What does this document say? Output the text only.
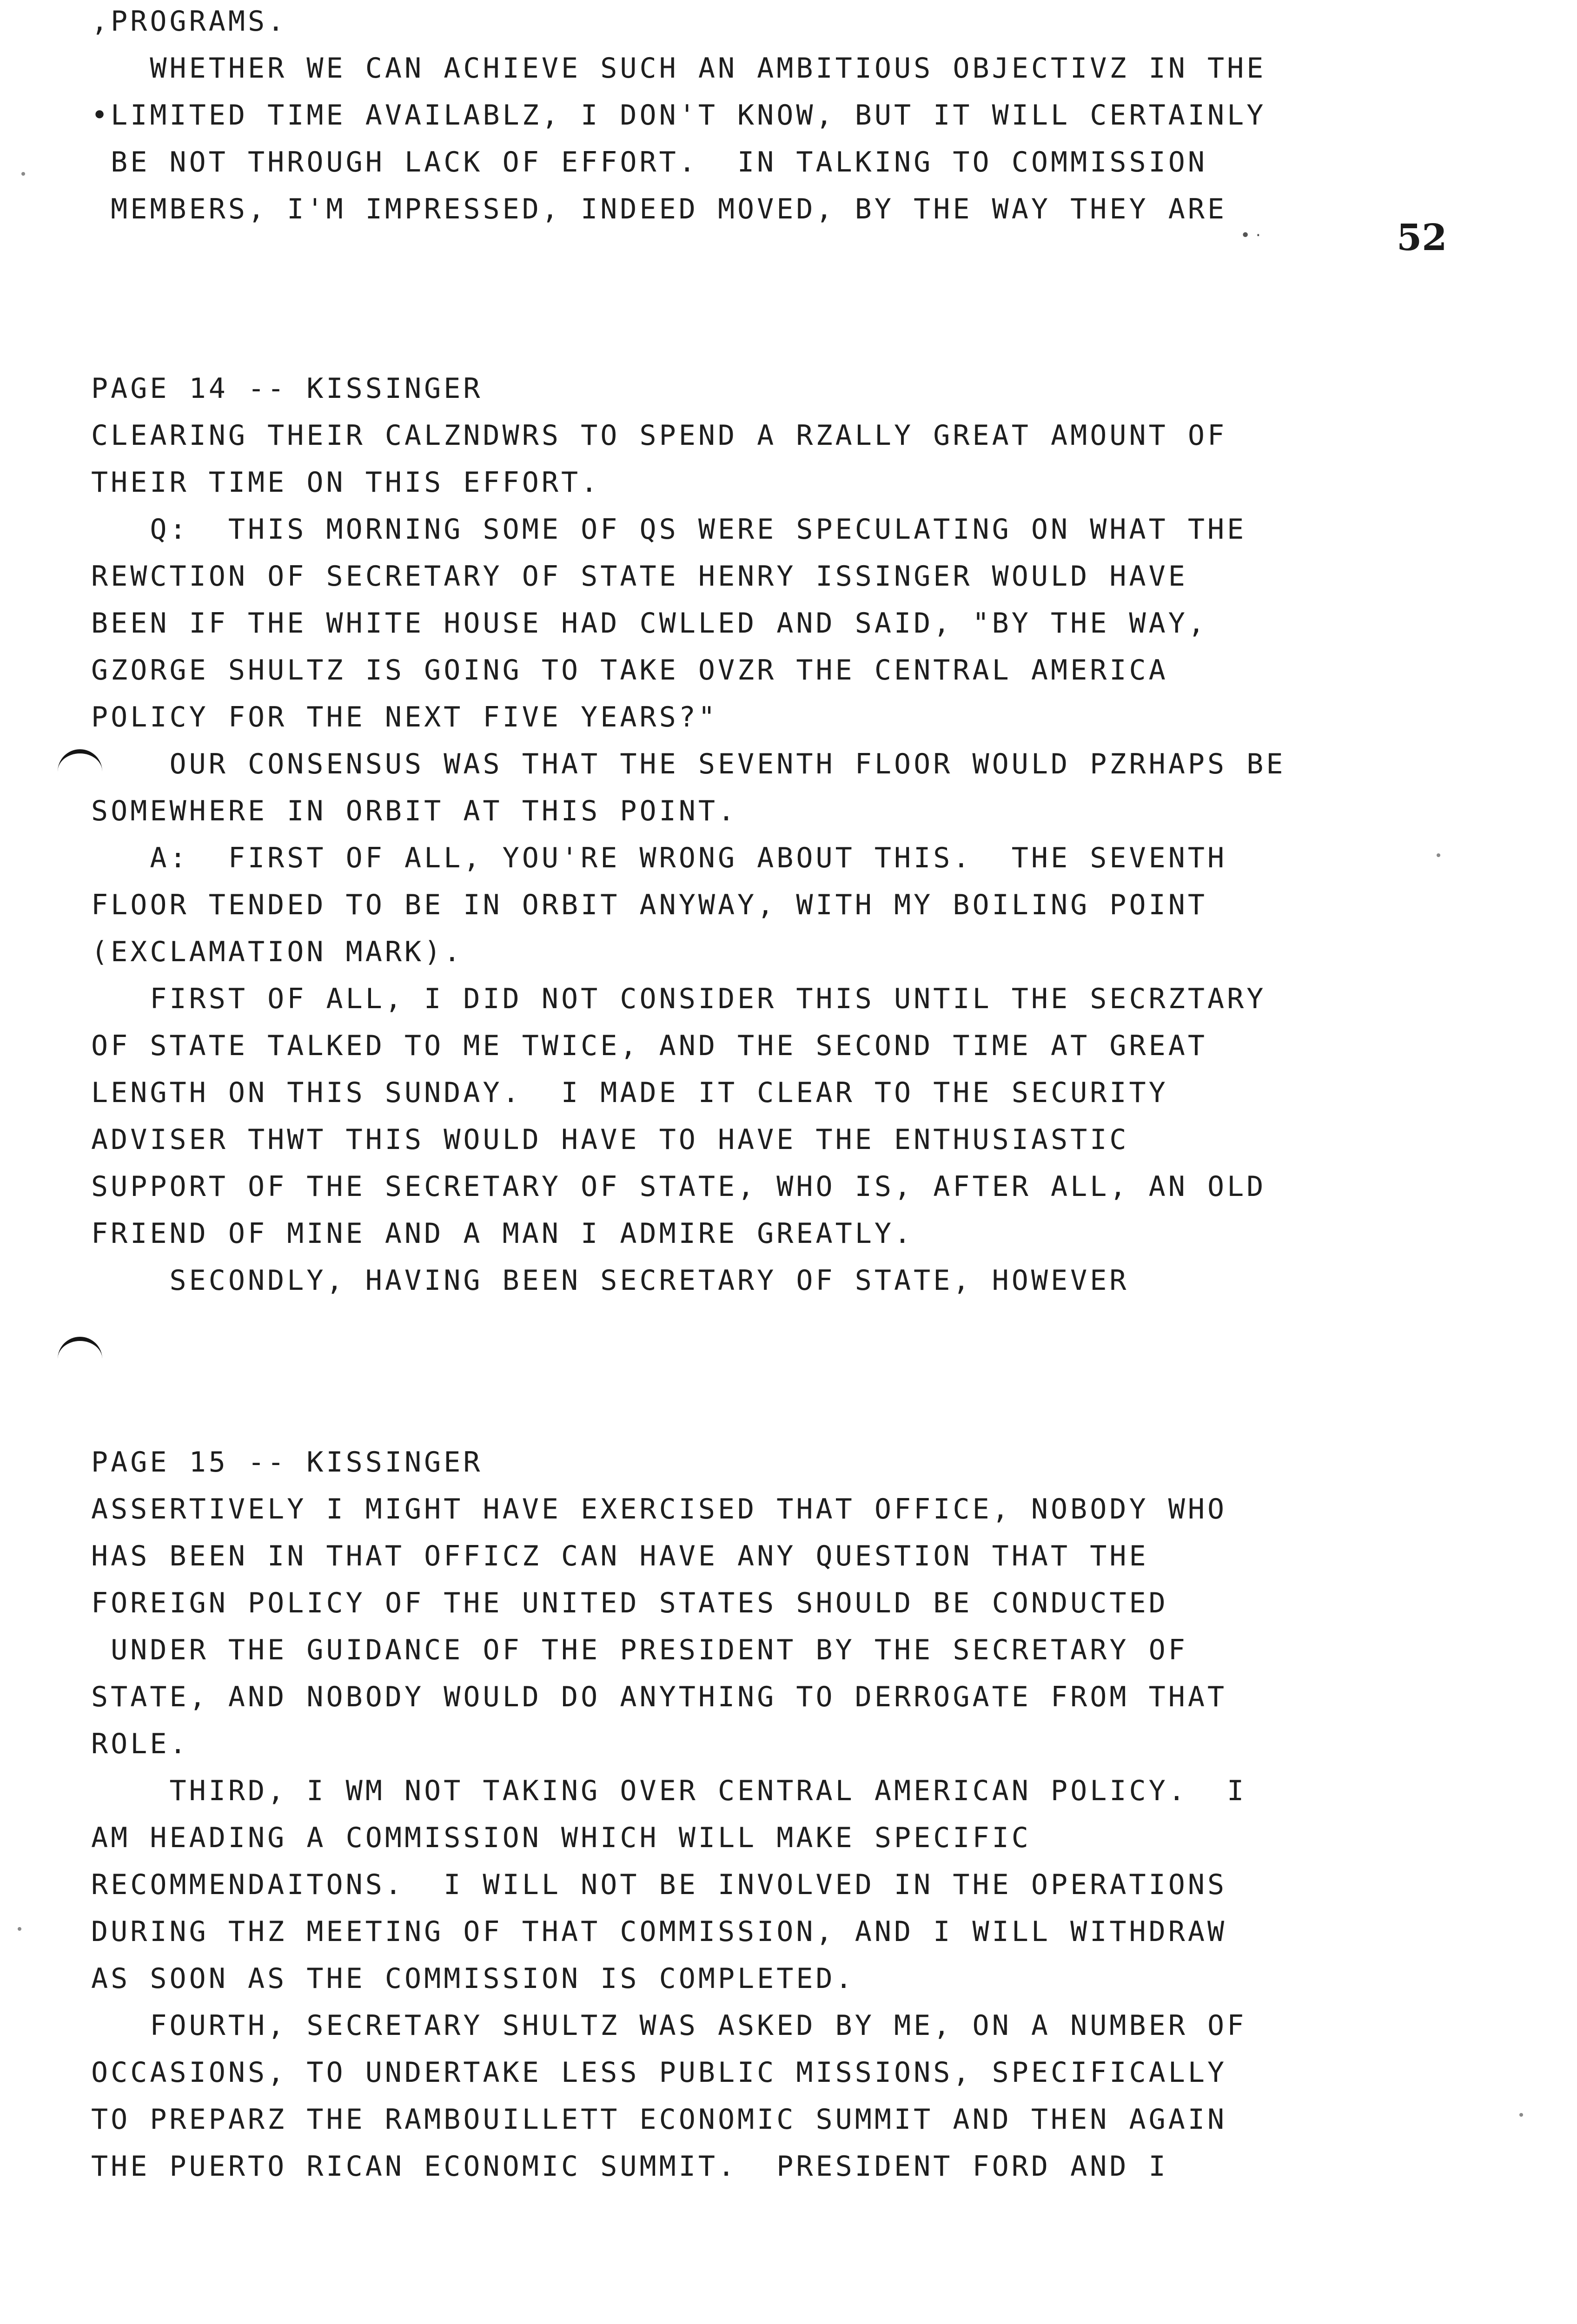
52
• ·
,PROGRAMS.
WHETHER WE CAN ACHIEVE SUCH AN AMBITIOUS OBJECTIVZ IN THE
•LIMITED TIME AVAILABLZ, I DON'T KNOW, BUT IT WILL CERTAINLY
BE NOT THROUGH LACK OF EFFORT.  IN TALKING TO COMMISSION
MEMBERS, I'M IMPRESSED, INDEED MOVED, BY THE WAY THEY ARE
PAGE 14 -- KISSINGER
CLEARING THEIR CALZNDWRS TO SPEND A RZALLY GREAT AMOUNT OF
THEIR TIME ON THIS EFFORT.
Q:  THIS MORNING SOME OF QS WERE SPECULATING ON WHAT THE
REWCTION OF SECRETARY OF STATE HENRY ISSINGER WOULD HAVE
BEEN IF THE WHITE HOUSE HAD CWLLED AND SAID, "BY THE WAY,
GZORGE SHULTZ IS GOING TO TAKE OVZR THE CENTRAL AMERICA
POLICY FOR THE NEXT FIVE YEARS?"
OUR CONSENSUS WAS THAT THE SEVENTH FLOOR WOULD PZRHAPS BE
SOMEWHERE IN ORBIT AT THIS POINT.
A:  FIRST OF ALL, YOU'RE WRONG ABOUT THIS.  THE SEVENTH
FLOOR TENDED TO BE IN ORBIT ANYWAY, WITH MY BOILING POINT
(EXCLAMATION MARK).
FIRST OF ALL, I DID NOT CONSIDER THIS UNTIL THE SECRZTARY
OF STATE TALKED TO ME TWICE, AND THE SECOND TIME AT GREAT
LENGTH ON THIS SUNDAY.  I MADE IT CLEAR TO THE SECURITY
ADVISER THWT THIS WOULD HAVE TO HAVE THE ENTHUSIASTIC
SUPPORT OF THE SECRETARY OF STATE, WHO IS, AFTER ALL, AN OLD
FRIEND OF MINE AND A MAN I ADMIRE GREATLY.
SECONDLY, HAVING BEEN SECRETARY OF STATE, HOWEVER
PAGE 15 -- KISSINGER
ASSERTIVELY I MIGHT HAVE EXERCISED THAT OFFICE, NOBODY WHO
HAS BEEN IN THAT OFFICZ CAN HAVE ANY QUESTION THAT THE
FOREIGN POLICY OF THE UNITED STATES SHOULD BE CONDUCTED
UNDER THE GUIDANCE OF THE PRESIDENT BY THE SECRETARY OF
STATE, AND NOBODY WOULD DO ANYTHING TO DERROGATE FROM THAT
ROLE.
THIRD, I WM NOT TAKING OVER CENTRAL AMERICAN POLICY.  I
AM HEADING A COMMISSION WHICH WILL MAKE SPECIFIC
RECOMMENDAITONS.  I WILL NOT BE INVOLVED IN THE OPERATIONS
DURING THZ MEETING OF THAT COMMISSION, AND I WILL WITHDRAW
AS SOON AS THE COMMISSION IS COMPLETED.
FOURTH, SECRETARY SHULTZ WAS ASKED BY ME, ON A NUMBER OF
OCCASIONS, TO UNDERTAKE LESS PUBLIC MISSIONS, SPECIFICALLY
TO PREPARZ THE RAMBOUILLETT ECONOMIC SUMMIT AND THEN AGAIN
THE PUERTO RICAN ECONOMIC SUMMIT.  PRESIDENT FORD AND I
